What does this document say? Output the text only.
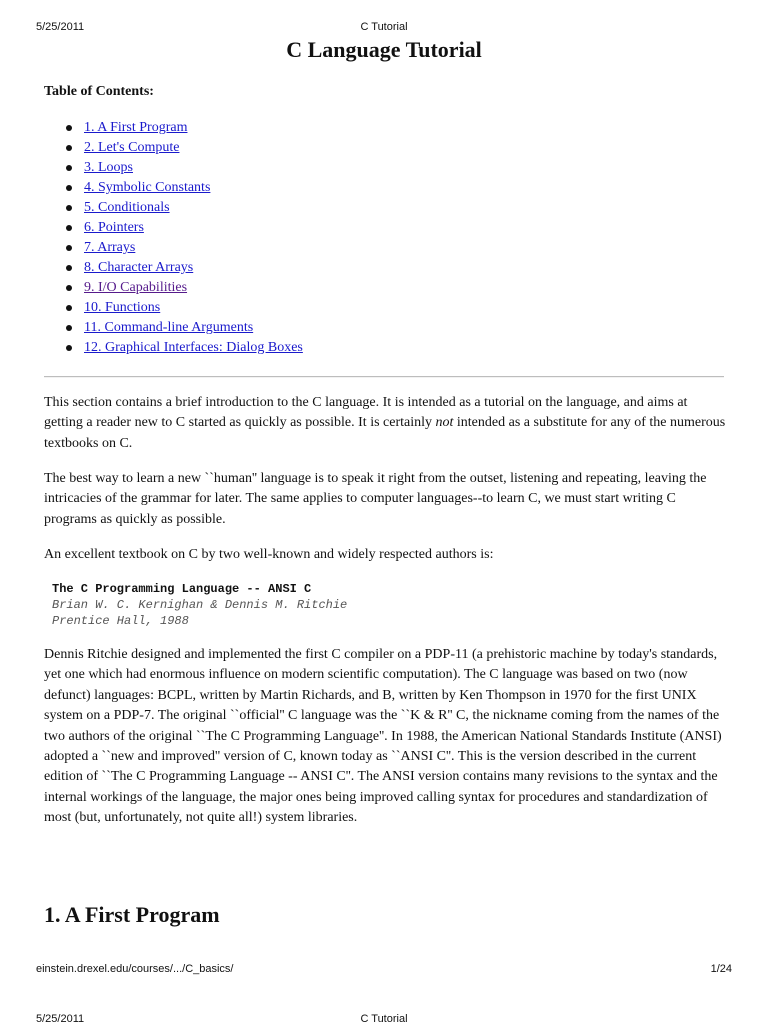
5/25/2011	C Tutorial
C Language Tutorial
Table of Contents:
1. A First Program
2. Let's Compute
3. Loops
4. Symbolic Constants
5. Conditionals
6. Pointers
7. Arrays
8. Character Arrays
9. I/O Capabilities
10. Functions
11. Command-line Arguments
12. Graphical Interfaces: Dialog Boxes

This section contains a brief introduction to the C language. It is intended as a tutorial on the language, and aims at getting a reader new to C started as quickly as possible. It is certainly not intended as a substitute for any of the numerous textbooks on C.

The best way to learn a new ``human'' language is to speak it right from the outset, listening and repeating, leaving the intricacies of the grammar for later. The same applies to computer languages--to learn C, we must start writing C programs as quickly as possible.

An excellent textbook on C by two well-known and widely respected authors is:

The C Programming Language -- ANSI C
Brian W. C. Kernighan & Dennis M. Ritchie
Prentice Hall, 1988

Dennis Ritchie designed and implemented the first C compiler on a PDP-11 (a prehistoric machine by today's standards, yet one which had enormous influence on modern scientific computation). The C language was based on two (now defunct) languages: BCPL, written by Martin Richards, and B, written by Ken Thompson in 1970 for the first UNIX system on a PDP-7. The original ``official'' C language was the ``K & R'' C, the nickname coming from the names of the two authors of the original ``The C Programming Language''. In 1988, the American National Standards Institute (ANSI) adopted a ``new and improved'' version of C, known today as ``ANSI C''. This is the version described in the current edition of ``The C Programming Language -- ANSI C''. The ANSI version contains many revisions to the syntax and the internal workings of the language, the major ones being improved calling syntax for procedures and standardization of most (but, unfortunately, not quite all!) system libraries.

1. A First Program
einstein.drexel.edu/courses/.../C_basics/	1/24
5/25/2011	C Tutorial
